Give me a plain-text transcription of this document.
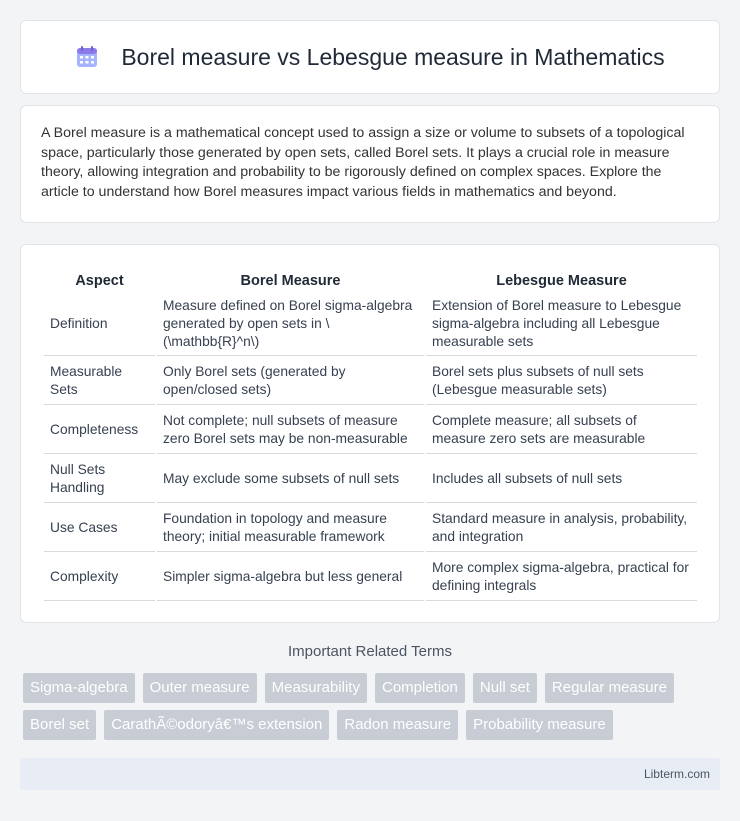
Borel measure vs Lebesgue measure in Mathematics

A Borel measure is a mathematical concept used to assign a size or volume to subsets of a topological space, particularly those generated by open sets, called Borel sets. It plays a crucial role in measure theory, allowing integration and probability to be rigorously defined on complex spaces. Explore the article to understand how Borel measures impact various fields in mathematics and beyond.

Aspect	Borel Measure	Lebesgue Measure
Definition	Measure defined on Borel sigma-algebra generated by open sets in \(\mathbb{R}^n\)	Extension of Borel measure to Lebesgue sigma-algebra including all Lebesgue measurable sets
Measurable Sets	Only Borel sets (generated by open/closed sets)	Borel sets plus subsets of null sets (Lebesgue measurable sets)
Completeness	Not complete; null subsets of measure zero Borel sets may be non-measurable	Complete measure; all subsets of measure zero sets are measurable
Null Sets Handling	May exclude some subsets of null sets	Includes all subsets of null sets
Use Cases	Foundation in topology and measure theory; initial measurable framework	Standard measure in analysis, probability, and integration
Complexity	Simpler sigma-algebra but less general	More complex sigma-algebra, practical for defining integrals
Important Related Terms
Sigma-algebra	Outer measure	Measurability	Completion	Null set	Regular measure
Borel set	CarathÃ©odoryâ€™s extension	Radon measure	Probability measure
Libterm.com
